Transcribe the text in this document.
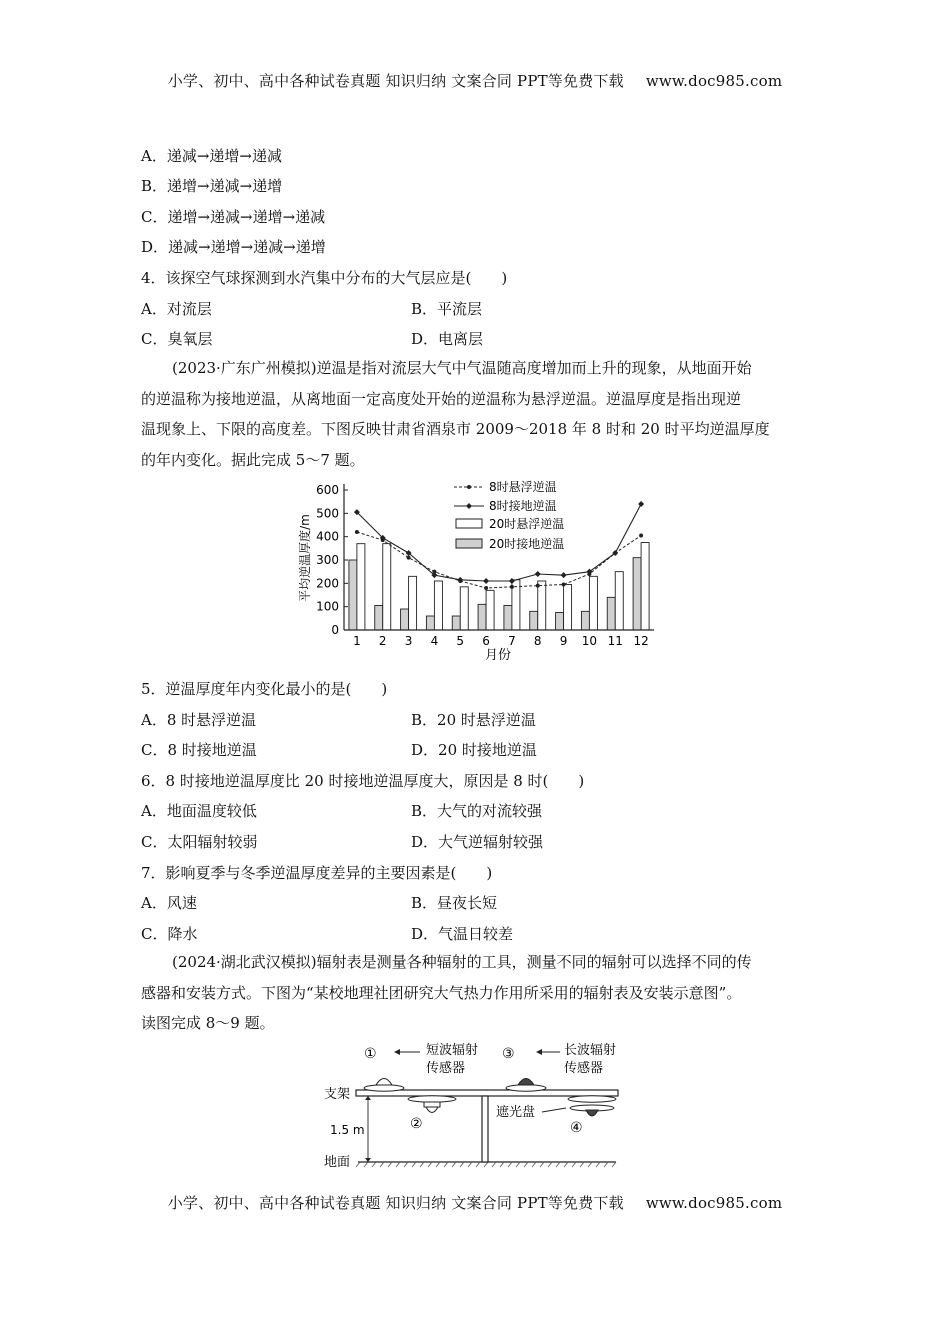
小学、初中、高中各种试卷真题 知识归纳 文案合同 PPT等免费下载 www.doc985.com
A．递减→递增→递减
B．递增→递减→递增
C．递增→递减→递增→递减
D．递减→递增→递减→递增
4．该探空气球探测到水汽集中分布的大气层应是(　　)
A．对流层	B．平流层
C．臭氧层	D．电离层

(2023·广东广州模拟)逆温是指对流层大气中气温随高度增加而上升的现象，从地面开始

的逆温称为接地逆温，从离地面一定高度处开始的逆温称为悬浮逆温。逆温厚度是指出现逆

温现象上、下限的高度差。下图反映甘肃省酒泉市 2009～2018 年 8 时和 20 时平均逆温厚度

的年内变化。据此完成 5～7 题。

0
100
200
300
400
500
600
1 2 3 4 5 6 7 8 9 10 11 12
平均逆温厚度/m
月份
8时悬浮逆温
8时接地逆温
20时悬浮逆温
20时接地逆温
5．逆温厚度年内变化最小的是(　　)
A．8 时悬浮逆温	B．20 时悬浮逆温
C．8 时接地逆温	D．20 时接地逆温
6．8 时接地逆温厚度比 20 时接地逆温厚度大，原因是 8 时(　　)
A．地面温度较低	B．大气的对流较强
C．太阳辐射较弱	D．大气逆辐射较强
7．影响夏季与冬季逆温厚度差异的主要因素是(　　)
A．风速	B．昼夜长短
C．降水	D．气温日较差

(2024·湖北武汉模拟)辐射表是测量各种辐射的工具，测量不同的辐射可以选择不同的传

感器和安装方式。下图为“某校地理社团研究大气热力作用所采用的辐射表及安装示意图”。

读图完成 8～9 题。

①	短波辐射
传感器
③	长波辐射
传感器
支架
1.5 m
地面
②
遮光盘
④
小学、初中、高中各种试卷真题 知识归纳 文案合同 PPT等免费下载 www.doc985.com
